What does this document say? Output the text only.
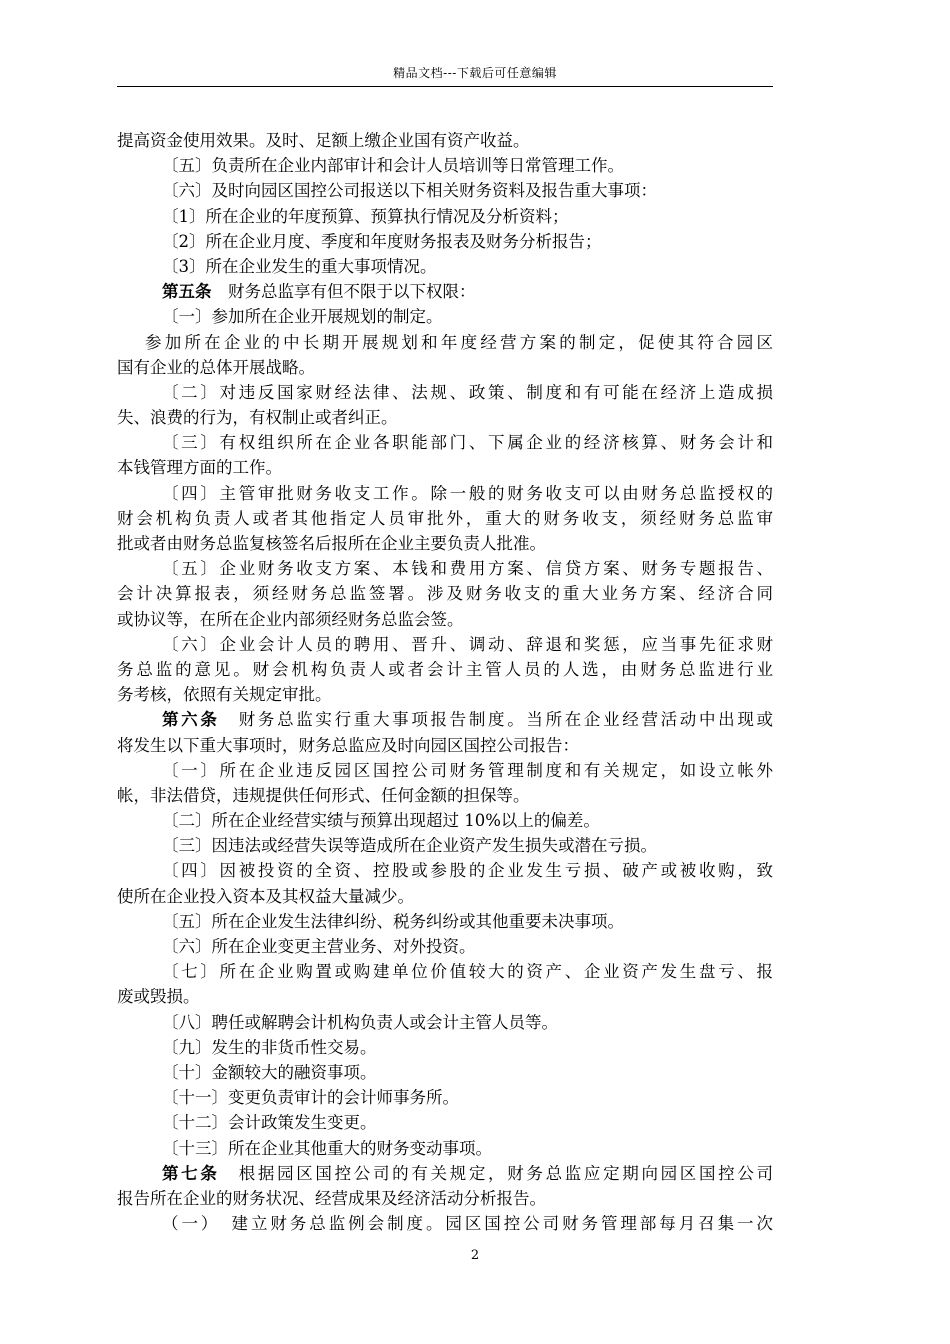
精品文档---下载后可任意编辑
提高资金使用效果。及时、足额上缴企业国有资产收益。
〔五〕负责所在企业内部审计和会计人员培训等日常管理工作。
〔六〕及时向园区国控公司报送以下相关财务资料及报告重大事项：
〔1〕所在企业的年度预算、预算执行情况及分析资料；
〔2〕所在企业月度、季度和年度财务报表及财务分析报告；
〔3〕所在企业发生的重大事项情况。
第五条　财务总监享有但不限于以下权限：
〔一〕参加所在企业开展规划的制定。
参加所在企业的中长期开展规划和年度经营方案的制定，促使其符合园区
国有企业的总体开展战略。
〔二〕对违反国家财经法律、法规、政策、制度和有可能在经济上造成损
失、浪费的行为，有权制止或者纠正。
〔三〕有权组织所在企业各职能部门、下属企业的经济核算、财务会计和
本钱管理方面的工作。
〔四〕主管审批财务收支工作。除一般的财务收支可以由财务总监授权的
财会机构负责人或者其他指定人员审批外，重大的财务收支，须经财务总监审
批或者由财务总监复核签名后报所在企业主要负责人批准。
〔五〕企业财务收支方案、本钱和费用方案、信贷方案、财务专题报告、
会计决算报表，须经财务总监签署。涉及财务收支的重大业务方案、经济合同
或协议等，在所在企业内部须经财务总监会签。
〔六〕企业会计人员的聘用、晋升、调动、辞退和奖惩，应当事先征求财
务总监的意见。财会机构负责人或者会计主管人员的人选，由财务总监进行业
务考核，依照有关规定审批。
第六条　财务总监实行重大事项报告制度。当所在企业经营活动中出现或
将发生以下重大事项时，财务总监应及时向园区国控公司报告：
〔一〕所在企业违反园区国控公司财务管理制度和有关规定，如设立帐外
帐，非法借贷，违规提供任何形式、任何金额的担保等。
〔二〕所在企业经营实绩与预算出现超过 10%以上的偏差。
〔三〕因违法或经营失误等造成所在企业资产发生损失或潜在亏损。
〔四〕因被投资的全资、控股或参股的企业发生亏损、破产或被收购，致
使所在企业投入资本及其权益大量减少。
〔五〕所在企业发生法律纠纷、税务纠纷或其他重要未决事项。
〔六〕所在企业变更主营业务、对外投资。
〔七〕所在企业购置或购建单位价值较大的资产、企业资产发生盘亏、报
废或毁损。
〔八〕聘任或解聘会计机构负责人或会计主管人员等。
〔九〕发生的非货币性交易。
〔十〕金额较大的融资事项。
〔十一〕变更负责审计的会计师事务所。
〔十二〕会计政策发生变更。
〔十三〕所在企业其他重大的财务变动事项。
第七条　根据园区国控公司的有关规定，财务总监应定期向园区国控公司
报告所在企业的财务状况、经营成果及经济活动分析报告。
（一）　建立财务总监例会制度。园区国控公司财务管理部每月召集一次
2
